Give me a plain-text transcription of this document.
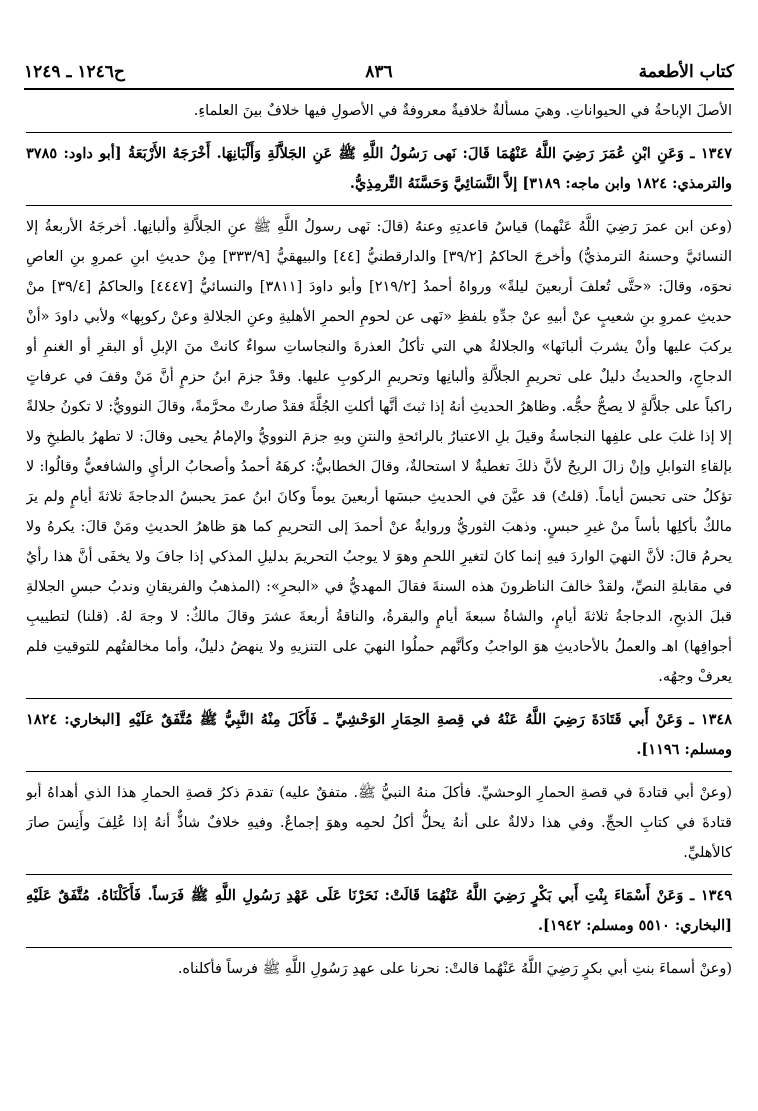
ح١٢٤٦ ـ ١٢٤٩	٨٣٦	كتاب الأطعمة

الأصلَ الإباحةُ في الحيواناتِ. وهيَ مسألةٌ خلافيةٌ معروفةٌ في الأصولِ فيها خلافٌ بينَ العلماءِ.

١٣٤٧ ـ وَعَنِ ابْنِ عُمَرَ رَضِيَ اللَّهُ عَنْهُمَا قَالَ: نَهى رَسُولُ اللَّهِ ﷺ عَنِ الجَلاَّلَةِ وَأَلْبَانِهَا. أَخْرَجَهُ الأَرْبَعَةُ [أبو داود: ٣٧٨٥ والترمذي: ١٨٢٤ وابن ماجه: ٣١٨٩] إلاَّ النَّسَائِيَّ وَحَسَّنَهُ التِّرمِذِيُّ.

(وعن ابن عمرَ رَضِيَ اللَّهُ عَنْهما) قياسُ قاعدتِهِ وعنهُ (قالَ: نَهى رسولُ اللَّهِ ﷺ عنِ الجلاَّلةِ وألبانِها. أخرجَهُ الأربعةُ إلا النسائيَّ وحسنهُ الترمذيُّ) وأخرجَ الحاكمُ [٣٩/٢] والدارقطنيُّ [٤٤] والبيهقيُّ [٣٣٣/٩] مِنْ حديثِ ابنِ عمروِ بنِ العاصِ نحوَه، وقالَ: «حتَّى تُعلفَ أربعينَ ليلةً» ورواهُ أحمدُ [٢١٩/٢] وأبو داودَ [٣٨١١] والنسائيُّ [٤٤٤٧] والحاكمُ [٣٩/٤] منْ حديثِ عمروِ بنِ شعيبٍ عنْ أبيهِ عنْ جدِّهِ بلفظِ «نَهى عن لحومِ الحمرِ الأهليةِ وعنِ الجلالةِ وعنْ ركوبِها» ولأبي داودَ «أنْ يركبَ عليها وأنْ يشربَ ألبانَها» والجلالةُ هي التي تأكلُ العذرةَ والنجاساتِ سواءٌ كانتْ منَ الإبلِ أو البقرِ أو الغنمِ أو الدجاجِ، والحديثُ دليلٌ على تحريمِ الجلاَّلةِ وألبانِها وتحريمِ الركوبِ عليها. وقدْ جزمَ ابنُ حزمٍ أنَّ مَنْ وقفَ في عرفاتٍ راكباً على جلاَّلةٍ لا يصحُّ حجُّه. وظاهرُ الحديثِ أنهُ إذا ثبتَ أنَّها أكلتِ الجُلَّةَ فقدْ صارتْ محرَّمةً، وقالَ النوويُّ: لا تكونُ جلالةً إلا إذا غلبَ على علفِها النجاسةُ وقيلَ بلِ الاعتبارُ بالرائحةِ والنتنِ وبهِ جزمَ النوويُّ والإمامُ يحيى وقالَ: لا تطهرُ بالطبخِ ولا بإلقاءِ التوابلِ وإنْ زالَ الريحُ لأنَّ ذلكَ تغطيةٌ لا استحالةٌ، وقالَ الخطابيُّ: كرهَهُ أحمدُ وأصحابُ الرأيِ والشافعيُّ وقالُوا: لا تؤكلُ حتى تحبسَ أياماً. (قلتُ) قد عيَّنَ في الحديثِ حبسَها أربعينَ يوماً وكانَ ابنُ عمرَ يحبسُ الدجاجةَ ثلاثةَ أيامٍ ولم يرَ مالكٌ بأكلِها بأساً منْ غيرِ حبسٍ. وذهبَ الثوريُّ وروايةٌ عنْ أحمدَ إلى التحريمِ كما هوَ ظاهرُ الحديثِ ومَنْ قالَ: يكرهُ ولا يحرمُ قالَ: لأنَّ النهيَ الواردَ فيهِ إنما كانَ لتغيرِ اللحمِ وهوَ لا يوجبُ التحريمَ بدليلِ المذكي إذا جافَ ولا يخفَى أنَّ هذا رأيٌ في مقابلةِ النصِّ، ولقدْ خالفَ الناظرونَ هذه السنةَ فقالَ المهديُّ في «البحرِ»: (المذهبُ والفريقانِ وندبُ حبسِ الجلالةِ قبلَ الذبحِ، الدجاجةُ ثلاثةَ أيامٍ، والشاةُ سبعةَ أيامٍ والبقرةُ، والناقةُ أربعةَ عشرَ وقالَ مالكٌ: لا وجهَ لهُ. (قلنا) لتطييبِ أجوافِها) اهـ والعملُ بالأحاديثِ هوَ الواجبُ وكأنَّهم حملُوا النهيَ على التنزيهِ ولا ينهضُ دليلٌ، وأما مخالفتُهم للتوقيتِ فلم يعرفْ وجهُه.

١٣٤٨ ـ وَعَنْ أَبي قَتَادَةَ رَضِيَ اللَّهُ عَنْهُ في قِصةِ الحِمَارِ الوَحْشِيِّ ـ فَأَكَلَ مِنْهُ النَّبِيُّ ﷺ مُتَّفَقٌ عَلَيْهِ [البخاري: ١٨٢٤ ومسلم: ١١٩٦].

(وعنْ أبي قتادةَ في قصةِ الحمارِ الوحشيِّ. فأكلَ منهُ النبيُّ ﷺ. متفقٌ عليه) تقدمَ ذكرُ قصةِ الحمارِ هذا الذي أهداهُ أبو قتادةَ في كتابِ الحجِّ. وفي هذا دلالةٌ على أنهُ يحلُّ أكلُ لحمِه وهوَ إجماعٌ. وفيهِ خلافٌ شاذٌّ أنهُ إذا عُلِفَ وأَنِسَ صارَ كالأهليِّ.

١٣٤٩ ـ وَعَنْ أَسْمَاءَ بِنْتِ أَبي بَكْرٍ رَضِيَ اللَّهُ عَنْهُمَا قَالَتْ: نَحَرْنَا عَلَى عَهْدِ رَسُولِ اللَّهِ ﷺ فَرَساً. فَأَكَلْنَاهُ. مُتَّفَقٌ عَلَيْهِ [البخاري: ٥٥١٠ ومسلم: ١٩٤٢].

(وعنْ أسماءَ بنتِ أبي بكرٍ رَضِيَ اللَّهُ عَنْهُما قالتْ: نحرنا على عهدِ رَسُولِ اللَّهِ ﷺ فرساً فأكلناه.
